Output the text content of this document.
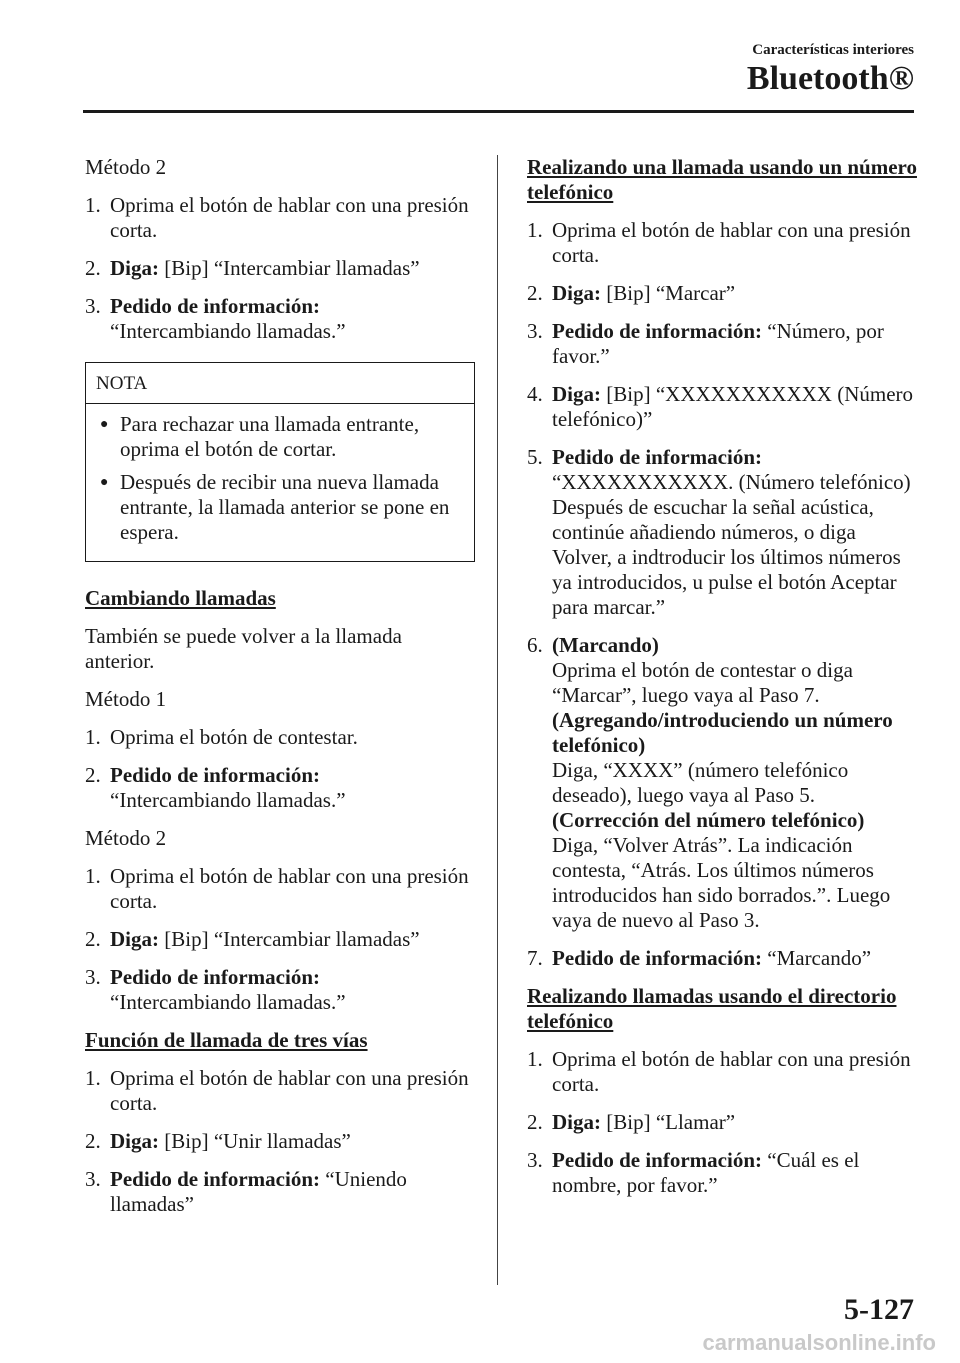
Características interiores
Bluetooth®

Método 2

1. Oprima el botón de hablar con una presión corta.
2. Diga: [Bip] “Intercambiar llamadas”
3. Pedido de información:
“Intercambiando llamadas.”
NOTA
● Para rechazar una llamada entrante, oprima el botón de cortar.
● Después de recibir una nueva llamada entrante, la llamada anterior se pone en espera.

Cambiando llamadas

También se puede volver a la llamada anterior.

Método 1

1. Oprima el botón de contestar.
2. Pedido de información:
“Intercambiando llamadas.”

Método 2

1. Oprima el botón de hablar con una presión corta.
2. Diga: [Bip] “Intercambiar llamadas”
3. Pedido de información:
“Intercambiando llamadas.”

Función de llamada de tres vías

1. Oprima el botón de hablar con una presión corta.
2. Diga: [Bip] “Unir llamadas”
3. Pedido de información: “Uniendo llamadas”

Realizando una llamada usando un número telefónico

1. Oprima el botón de hablar con una presión corta.
2. Diga: [Bip] “Marcar”
3. Pedido de información: “Número, por favor.”
4. Diga: [Bip] “XXXXXXXXXXX (Número telefónico)”
5. Pedido de información:
“XXXXXXXXXXX. (Número telefónico) Después de escuchar la señal acústica, continúe añadiendo números, o diga Volver, a indtroducir los últimos números ya introducidos, u pulse el botón Aceptar para marcar.”
6. (Marcando)
Oprima el botón de contestar o diga “Marcar”, luego vaya al Paso 7.
(Agregando/introduciendo un número telefónico)
Diga, “XXXX” (número telefónico deseado), luego vaya al Paso 5.
(Corrección del número telefónico)
Diga, “Volver Atrás”. La indicación contesta, “Atrás. Los últimos números introducidos han sido borrados.”. Luego vaya de nuevo al Paso 3.
7. Pedido de información: “Marcando”

Realizando llamadas usando el directorio telefónico

1. Oprima el botón de hablar con una presión corta.
2. Diga: [Bip] “Llamar”
3. Pedido de información: “Cuál es el nombre, por favor.”
5-127
carmanualsonline.info
